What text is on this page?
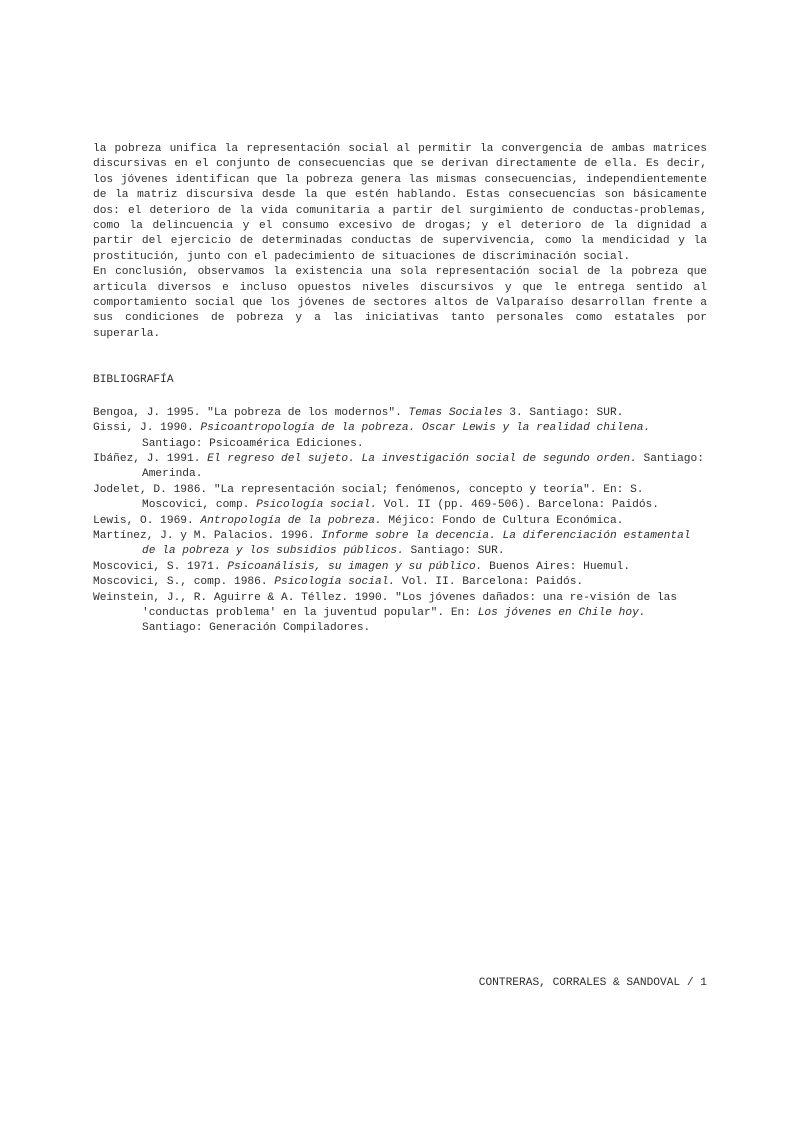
la pobreza unifica la representación social al permitir la convergencia de ambas matrices discursivas en el conjunto de consecuencias que se derivan directamente de ella. Es decir, los jóvenes identifican que la pobreza genera las mismas consecuencias, independientemente de la matriz discursiva desde la que estén hablando. Estas consecuencias son básicamente dos: el deterioro de la vida comunitaria a partir del surgimiento de conductas-problemas, como la delincuencia y el consumo excesivo de drogas; y el deterioro de la dignidad a partir del ejercicio de determinadas conductas de supervivencia, como la mendicidad y la prostitución, junto con el padecimiento de situaciones de discriminación social.

En conclusión, observamos la existencia una sola representación social de la pobreza que articula diversos e incluso opuestos niveles discursivos y que le entrega sentido al comportamiento social que los jóvenes de sectores altos de Valparaíso desarrollan frente a sus condiciones de pobreza y a las iniciativas tanto personales como estatales por superarla.

BIBLIOGRAFÍA
Bengoa, J. 1995. "La pobreza de los modernos". Temas Sociales 3. Santiago: SUR.
Gissi, J. 1990. Psicoantropología de la pobreza. Oscar Lewis y la realidad chilena. Santiago: Psicoamérica Ediciones.
Ibáñez, J. 1991. El regreso del sujeto. La investigación social de segundo orden. Santiago: Amerinda.
Jodelet, D. 1986. "La representación social; fenómenos, concepto y teoría". En: S. Moscovici, comp. Psicología social. Vol. II (pp. 469-506). Barcelona: Paidós.
Lewis, O. 1969. Antropología de la pobreza. Méjico: Fondo de Cultura Económica.
Martínez, J. y M. Palacios. 1996. Informe sobre la decencia. La diferenciación estamental de la pobreza y los subsidios públicos. Santiago: SUR.
Moscovici, S. 1971. Psicoanálisis, su imagen y su público. Buenos Aires: Huemul.
Moscovici, S., comp. 1986. Psicología social. Vol. II. Barcelona: Paidós.
Weinstein, J., R. Aguirre & A. Téllez. 1990. "Los jóvenes dañados: una re-visión de las 'conductas problema' en la juventud popular". En: Los jóvenes en Chile hoy. Santiago: Generación Compiladores.
CONTRERAS, CORRALES & SANDOVAL / 1
